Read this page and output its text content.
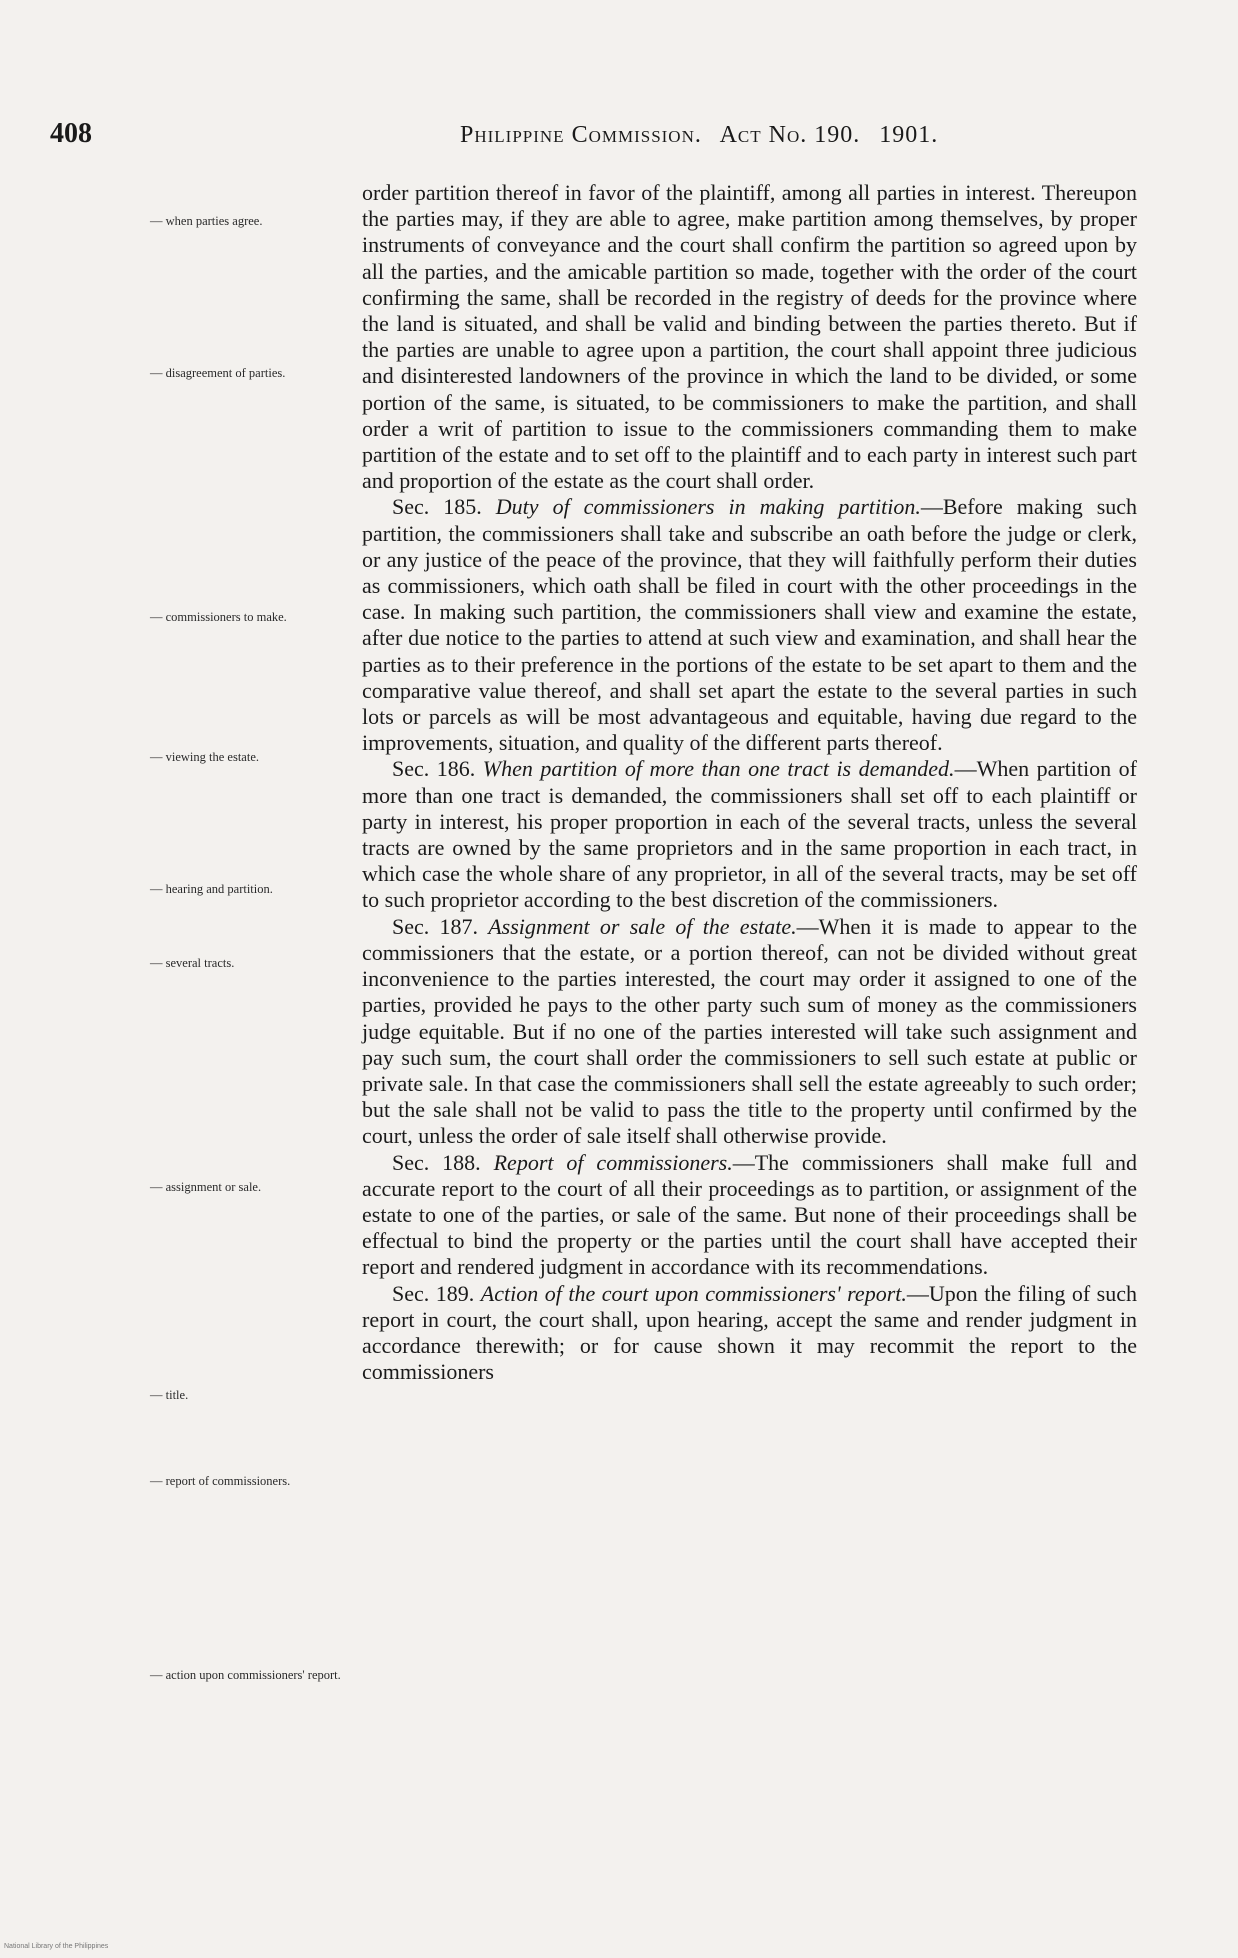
408	Philippine Commission. Act No. 190. 1901.
— when parties agree.
— disagreement of parties.
— commissioners to make.
— viewing the estate.
— hearing and partition.
— several tracts.
— assignment or sale.
— title.
— report of commissioners.
— action upon commissioners' report.

order partition thereof in favor of the plaintiff, among all parties in interest. Thereupon the parties may, if they are able to agree, make partition among themselves, by proper instruments of conveyance and the court shall confirm the partition so agreed upon by all the parties, and the amicable partition so made, together with the order of the court confirming the same, shall be recorded in the registry of deeds for the province where the land is situated, and shall be valid and binding between the parties thereto. But if the parties are unable to agree upon a partition, the court shall appoint three judicious and disinterested landowners of the province in which the land to be divided, or some portion of the same, is situated, to be commissioners to make the partition, and shall order a writ of partition to issue to the commissioners commanding them to make partition of the estate and to set off to the plaintiff and to each party in interest such part and proportion of the estate as the court shall order.

Sec. 185. Duty of commissioners in making partition.—Before making such partition, the commissioners shall take and subscribe an oath before the judge or clerk, or any justice of the peace of the province, that they will faithfully perform their duties as commissioners, which oath shall be filed in court with the other proceedings in the case. In making such partition, the commissioners shall view and examine the estate, after due notice to the parties to attend at such view and examination, and shall hear the parties as to their preference in the portions of the estate to be set apart to them and the comparative value thereof, and shall set apart the estate to the several parties in such lots or parcels as will be most advantageous and equitable, having due regard to the improvements, situation, and quality of the different parts thereof.

Sec. 186. When partition of more than one tract is demanded.—When partition of more than one tract is demanded, the commissioners shall set off to each plaintiff or party in interest, his proper proportion in each of the several tracts, unless the several tracts are owned by the same proprietors and in the same proportion in each tract, in which case the whole share of any proprietor, in all of the several tracts, may be set off to such proprietor according to the best discretion of the commissioners.

Sec. 187. Assignment or sale of the estate.—When it is made to appear to the commissioners that the estate, or a portion thereof, can not be divided without great inconvenience to the parties interested, the court may order it assigned to one of the parties, provided he pays to the other party such sum of money as the commissioners judge equitable. But if no one of the parties interested will take such assignment and pay such sum, the court shall order the commissioners to sell such estate at public or private sale. In that case the commissioners shall sell the estate agreeably to such order; but the sale shall not be valid to pass the title to the property until confirmed by the court, unless the order of sale itself shall otherwise provide.

Sec. 188. Report of commissioners.—The commissioners shall make full and accurate report to the court of all their proceedings as to partition, or assignment of the estate to one of the parties, or sale of the same. But none of their proceedings shall be effectual to bind the property or the parties until the court shall have accepted their report and rendered judgment in accordance with its recommendations.

Sec. 189. Action of the court upon commissioners' report.—Upon the filing of such report in court, the court shall, upon hearing, accept the same and render judgment in accordance therewith; or for cause shown it may recommit the report to the commissioners

National Library of the Philippines
